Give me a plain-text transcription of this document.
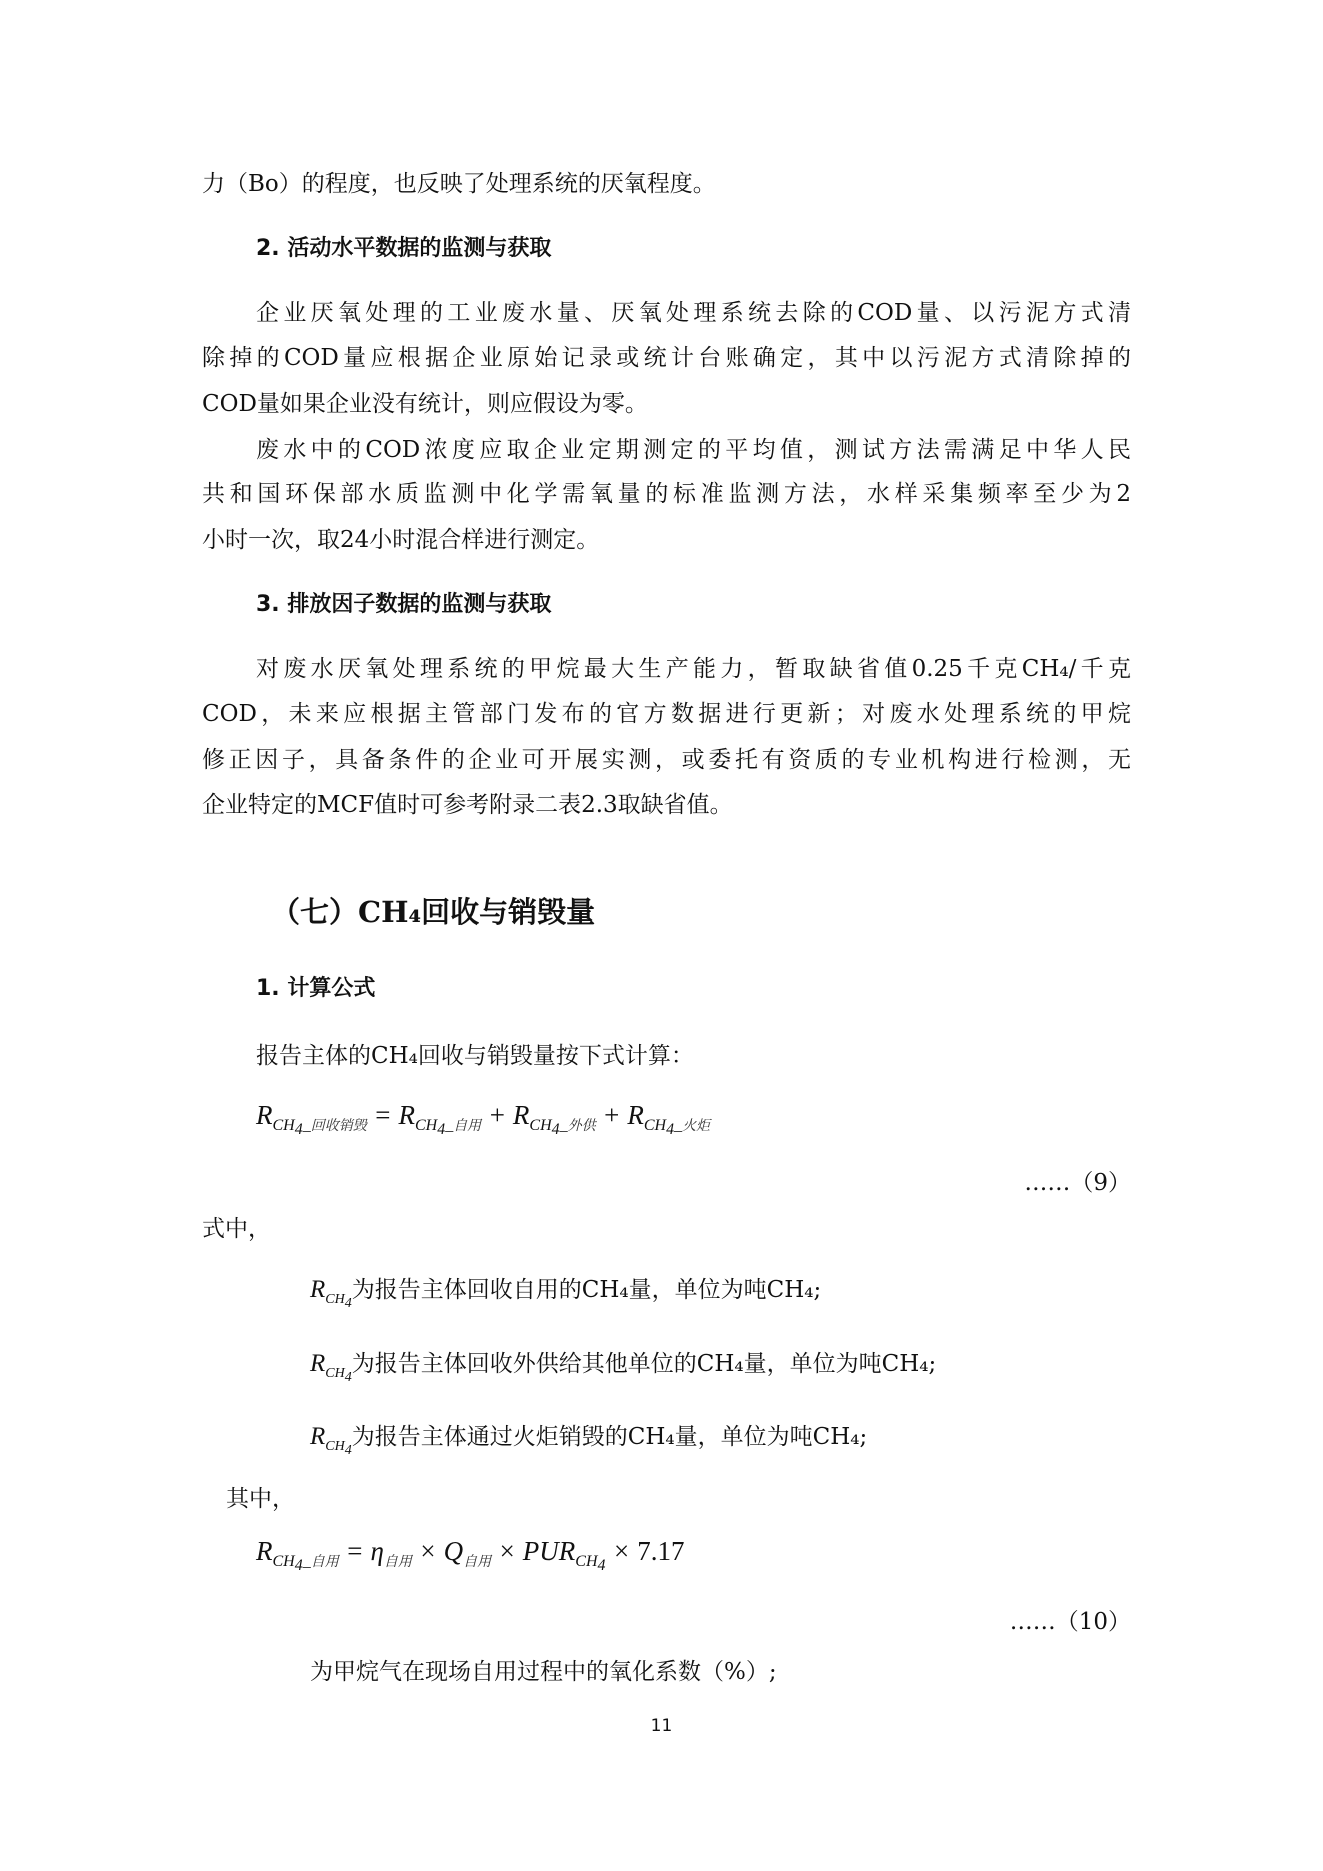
力（Bo）的程度，也反映了处理系统的厌氧程度。
2. 活动水平数据的监测与获取
企业厌氧处理的工业废水量、厌氧处理系统去除的COD量、以污泥方式清
除掉的COD量应根据企业原始记录或统计台账确定，其中以污泥方式清除掉的
COD量如果企业没有统计，则应假设为零。
废水中的COD浓度应取企业定期测定的平均值，测试方法需满足中华人民
共和国环保部水质监测中化学需氧量的标准监测方法，水样采集频率至少为2
小时一次，取24小时混合样进行测定。
3. 排放因子数据的监测与获取
对废水厌氧处理系统的甲烷最大生产能力，暂取缺省值0.25千克CH₄/千克
COD，未来应根据主管部门发布的官方数据进行更新；对废水处理系统的甲烷
修正因子，具备条件的企业可开展实测，或委托有资质的专业机构进行检测，无
企业特定的MCF值时可参考附录二表2.3取缺省值。
（七）CH₄回收与销毁量
1. 计算公式
报告主体的CH₄回收与销毁量按下式计算：
$R_{CH_4\_回收销毁} = R_{CH_4\_自用} + R_{CH_4\_外供} + R_{CH_4\_火炬}$
……（9）
式中，
$R_{CH_4}$为报告主体回收自用的CH₄量，单位为吨CH₄;
$R_{CH_4}$为报告主体回收外供给其他单位的CH₄量，单位为吨CH₄;
$R_{CH_4}$为报告主体通过火炬销毁的CH₄量，单位为吨CH₄;
其中，
$R_{CH_4\_自用} = \eta_{自用} \times Q_{自用} \times PUR_{CH_4} \times 7.17$
……（10）
为甲烷气在现场自用过程中的氧化系数（%）;
11
